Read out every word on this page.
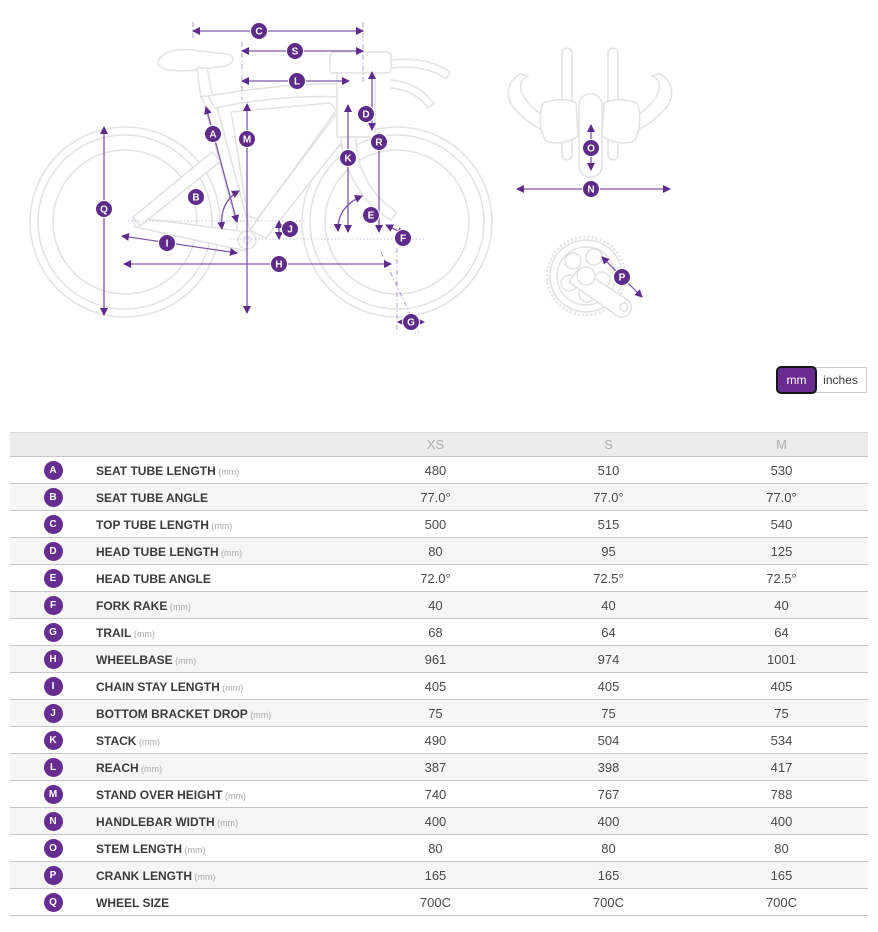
C
S
L
A	M
D
R
K
B
E
Q
J
F
I
H
G
O
N
P
mm	inches
		XS	S	M
A	SEAT TUBE LENGTH (mm)	480	510	530
B	SEAT TUBE ANGLE	77.0°	77.0°	77.0°
C	TOP TUBE LENGTH (mm)	500	515	540
D	HEAD TUBE LENGTH (mm)	80	95	125
E	HEAD TUBE ANGLE	72.0°	72.5°	72.5°
F	FORK RAKE (mm)	40	40	40
G	TRAIL (mm)	68	64	64
H	WHEELBASE (mm)	961	974	1001
I	CHAIN STAY LENGTH (mm)	405	405	405
J	BOTTOM BRACKET DROP (mm)	75	75	75
K	STACK (mm)	490	504	534
L	REACH (mm)	387	398	417
M	STAND OVER HEIGHT (mm)	740	767	788
N	HANDLEBAR WIDTH (mm)	400	400	400
O	STEM LENGTH (mm)	80	80	80
P	CRANK LENGTH (mm)	165	165	165
Q	WHEEL SIZE	700C	700C	700C
